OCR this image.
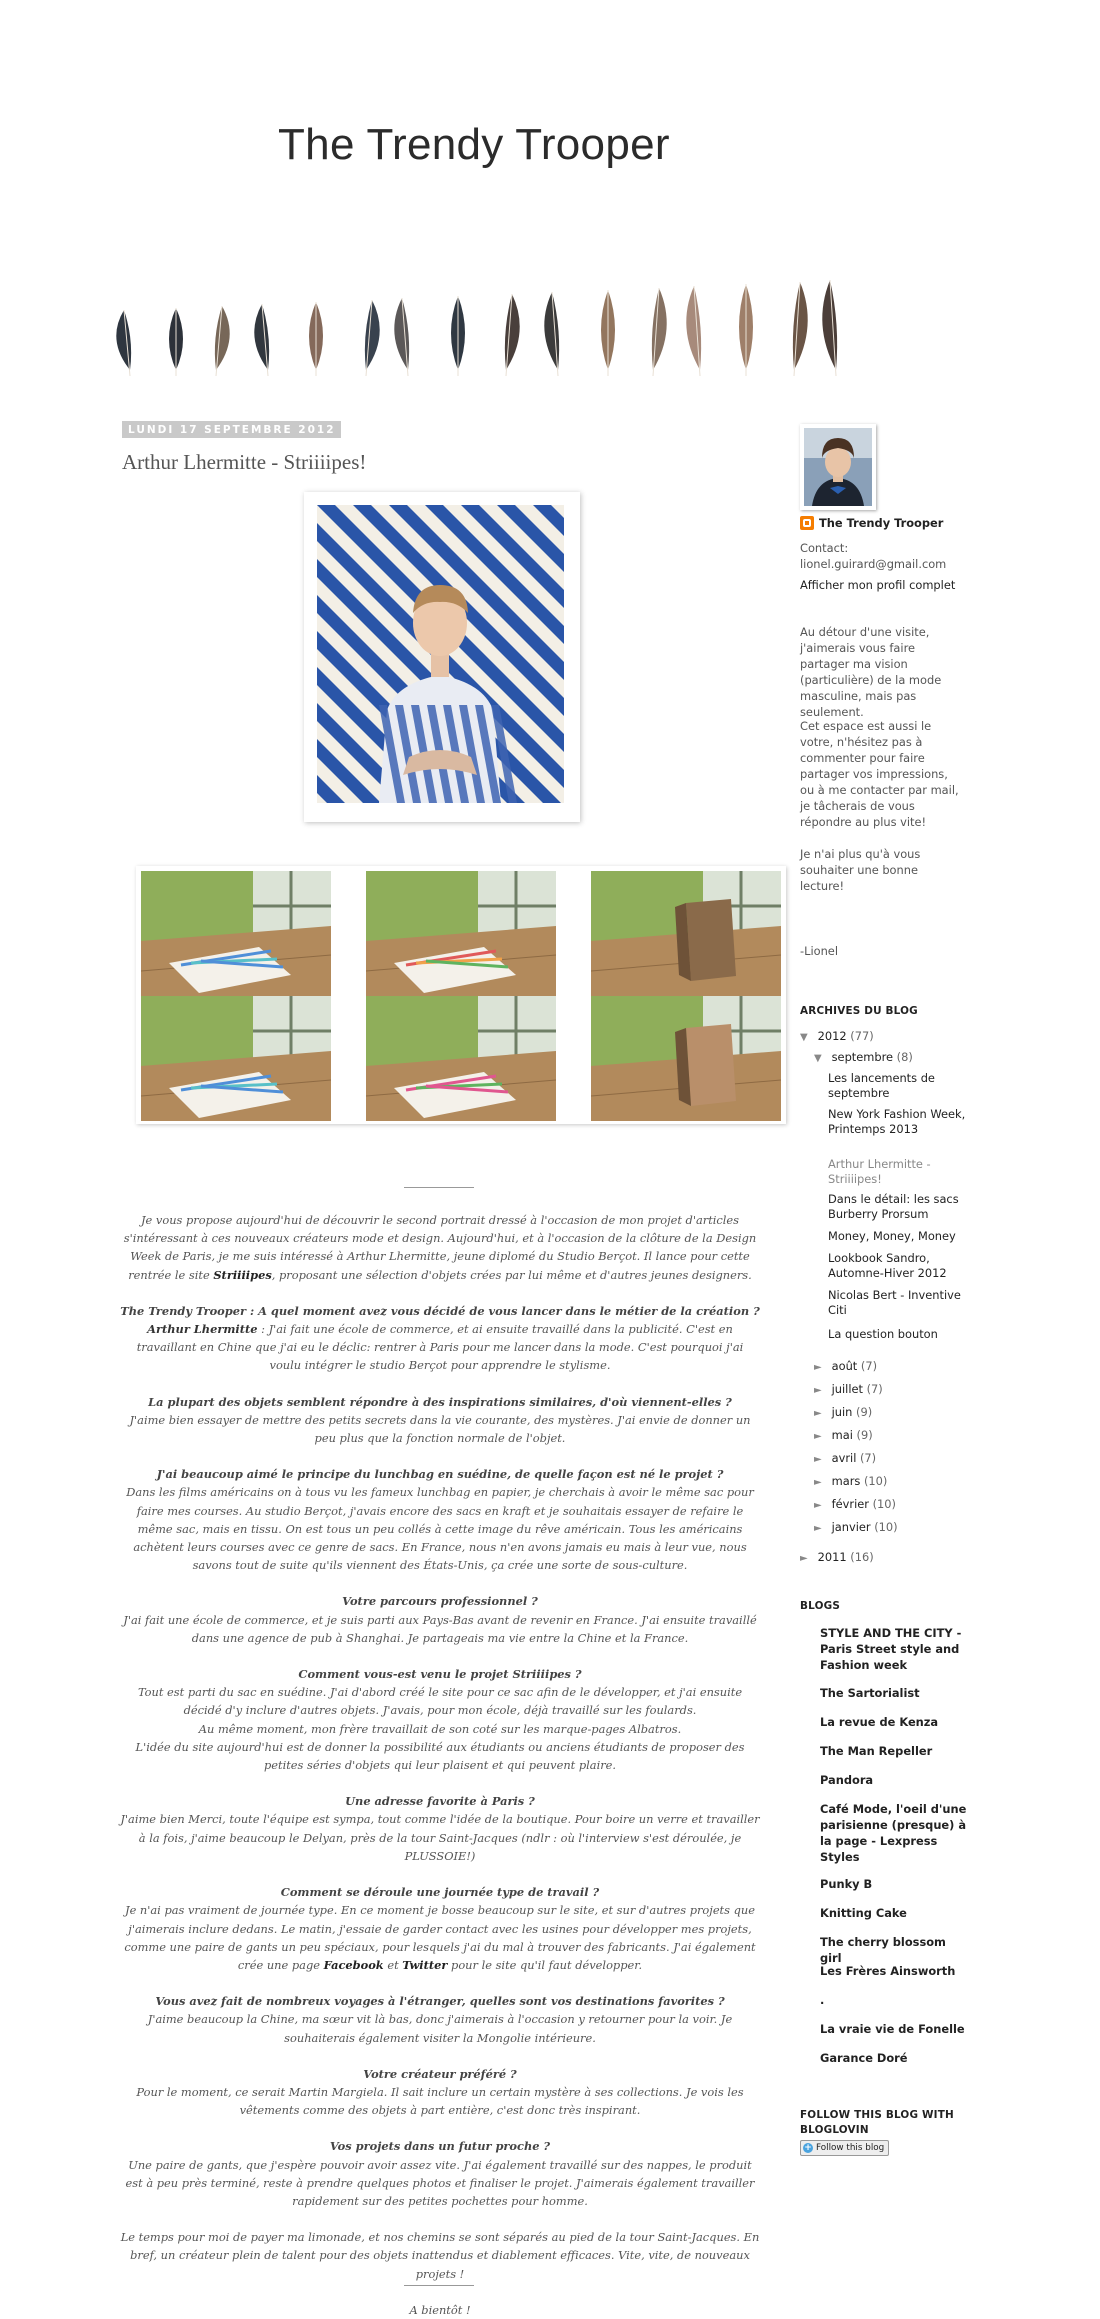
The Trendy Trooper
LUNDI 17 SEPTEMBRE 2012
Arthur Lhermitte - Striiiipes!

Je vous propose aujourd'hui de découvrir le second portrait dressé à l'occasion de mon projet d'articles s'intéressant à ces nouveaux créateurs mode et design. Aujourd'hui, et à l'occasion de la clôture de la Design Week de Paris, je me suis intéressé à Arthur Lhermitte, jeune diplomé du Studio Berçot. Il lance pour cette rentrée le site Striiiipes, proposant une sélection d'objets crées par lui même et d'autres jeunes designers.

The Trendy Trooper : A quel moment avez vous décidé de vous lancer dans le métier de la création ?
Arthur Lhermitte : J'ai fait une école de commerce, et ai ensuite travaillé dans la publicité. C'est en travaillant en Chine que j'ai eu le déclic: rentrer à Paris pour me lancer dans la mode. C'est pourquoi j'ai voulu intégrer le studio Berçot pour apprendre le stylisme.

La plupart des objets semblent répondre à des inspirations similaires, d'où viennent-elles ?
J'aime bien essayer de mettre des petits secrets dans la vie courante, des mystères. J'ai envie de donner un peu plus que la fonction normale de l'objet.

J'ai beaucoup aimé le principe du lunchbag en suédine, de quelle façon est né le projet ?
Dans les films américains on à tous vu les fameux lunchbag en papier, je cherchais à avoir le même sac pour faire mes courses. Au studio Berçot, j'avais encore des sacs en kraft et je souhaitais essayer de refaire le même sac, mais en tissu. On est tous un peu collés à cette image du rêve américain. Tous les américains achètent leurs courses avec ce genre de sacs. En France, nous n'en avons jamais eu mais à leur vue, nous savons tout de suite qu'ils viennent des États-Unis, ça crée une sorte de sous-culture.

Votre parcours professionnel ?
J'ai fait une école de commerce, et je suis parti aux Pays-Bas avant de revenir en France. J'ai ensuite travaillé dans une agence de pub à Shanghai. Je partageais ma vie entre la Chine et la France.

Comment vous-est venu le projet Striiiipes ?
Tout est parti du sac en suédine. J'ai d'abord créé le site pour ce sac afin de le développer, et j'ai ensuite décidé d'y inclure d'autres objets. J'avais, pour mon école, déjà travaillé sur les foulards.
Au même moment, mon frère travaillait de son coté sur les marque-pages Albatros.
L'idée du site aujourd'hui est de donner la possibilité aux étudiants ou anciens étudiants de proposer des petites séries d'objets qui leur plaisent et qui peuvent plaire.

Une adresse favorite à Paris ?
J'aime bien Merci, toute l'équipe est sympa, tout comme l'idée de la boutique. Pour boire un verre et travailler à la fois, j'aime beaucoup le Delyan, près de la tour Saint-Jacques (ndlr : où l'interview s'est déroulée, je PLUSSOIE!)

Comment se déroule une journée type de travail ?
Je n'ai pas vraiment de journée type. En ce moment je bosse beaucoup sur le site, et sur d'autres projets que j'aimerais inclure dedans. Le matin, j'essaie de garder contact avec les usines pour développer mes projets, comme une paire de gants un peu spéciaux, pour lesquels j'ai du mal à trouver des fabricants. J'ai également crée une page Facebook et Twitter pour le site qu'il faut développer.

Vous avez fait de nombreux voyages à l'étranger, quelles sont vos destinations favorites ?
J'aime beaucoup la Chine, ma sœur vit là bas, donc j'aimerais à l'occasion y retourner pour la voir. Je souhaiterais également visiter la Mongolie intérieure.

Votre créateur préféré ?
Pour le moment, ce serait Martin Margiela. Il sait inclure un certain mystère à ses collections. Je vois les vêtements comme des objets à part entière, c'est donc très inspirant.

Vos projets dans un futur proche ?
Une paire de gants, que j'espère pouvoir avoir assez vite. J'ai également travaillé sur des nappes, le produit est à peu près terminé, reste à prendre quelques photos et finaliser le projet. J'aimerais également travailler rapidement sur des petites pochettes pour homme.

Le temps pour moi de payer ma limonade, et nos chemins se sont séparés au pied de la tour Saint-Jacques. En bref, un créateur plein de talent pour des objets inattendus et diablement efficaces. Vite, vite, de nouveaux projets !

A bientôt !

The Trendy Trooper
Contact:
lionel.guirard@gmail.com
Afficher mon profil complet
Au détour d'une visite, j'aimerais vous faire partager ma vision (particulière) de la mode masculine, mais pas seulement.
Cet espace est aussi le votre, n'hésitez pas à commenter pour faire partager vos impressions, ou à me contacter par mail, je tâcherais de vous répondre au plus vite!
Je n'ai plus qu'à vous souhaiter une bonne lecture!
-Lionel
ARCHIVES DU BLOG
▼ 2012 (77)
▼ septembre (8)
Les lancements de septembre
New York Fashion Week, Printemps 2013
Arthur Lhermitte - Striiiipes!
Dans le détail: les sacs Burberry Prorsum
Money, Money, Money
Lookbook Sandro, Automne-Hiver 2012
Nicolas Bert - Inventive Citi
La question bouton
► août (7)
► juillet (7)
► juin (9)
► mai (9)
► avril (7)
► mars (10)
► février (10)
► janvier (10)
► 2011 (16)
BLOGS
STYLE AND THE CITY - Paris Street style and Fashion week
The Sartorialist
La revue de Kenza
The Man Repeller
Pandora
Café Mode, l'oeil d'une parisienne (presque) à la page - Lexpress Styles
Punky B
Knitting Cake
The cherry blossom girl
Les Frères Ainsworth
.
La vraie vie de Fonelle
Garance Doré
FOLLOW THIS BLOG WITH BLOGLOVIN
+ Follow this blog
